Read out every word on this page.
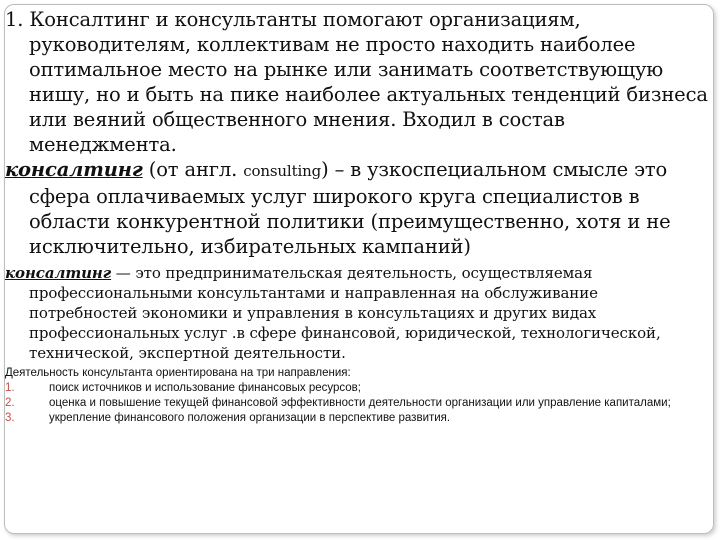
1. Консалтинг и консультанты помогают организациям, руководителям, коллективам не просто находить наиболее оптимальное место на рынке или занимать соответствующую нишу, но и быть на пике наиболее актуальных тенденций бизнеса или веяний общественного мнения. Входил в состав менеджмента.

консалтинг (от англ. consulting) – в узкоспециальном смысле это сфера оплачиваемых услуг широкого круга специалистов в области конкурентной политики (преимущественно, хотя и не исключительно, избирательных кампаний)

консалтинг — это предпринимательская деятельность, осуществляемая профессиональными консультантами и направленная на обслуживание потребностей экономики и управления в консультациях и других видах профессиональных услуг .в сфере финансовой, юридической, технологической, технической, экспертной деятельности.

Деятельность консультанта ориентирована на три направления:

1.	поиск источников и использование финансовых ресурсов;
2.	оценка и повышение текущей финансовой эффективности деятельности организации или управление капиталами;
3.	укрепление финансового положения организации в перспективе развития.
